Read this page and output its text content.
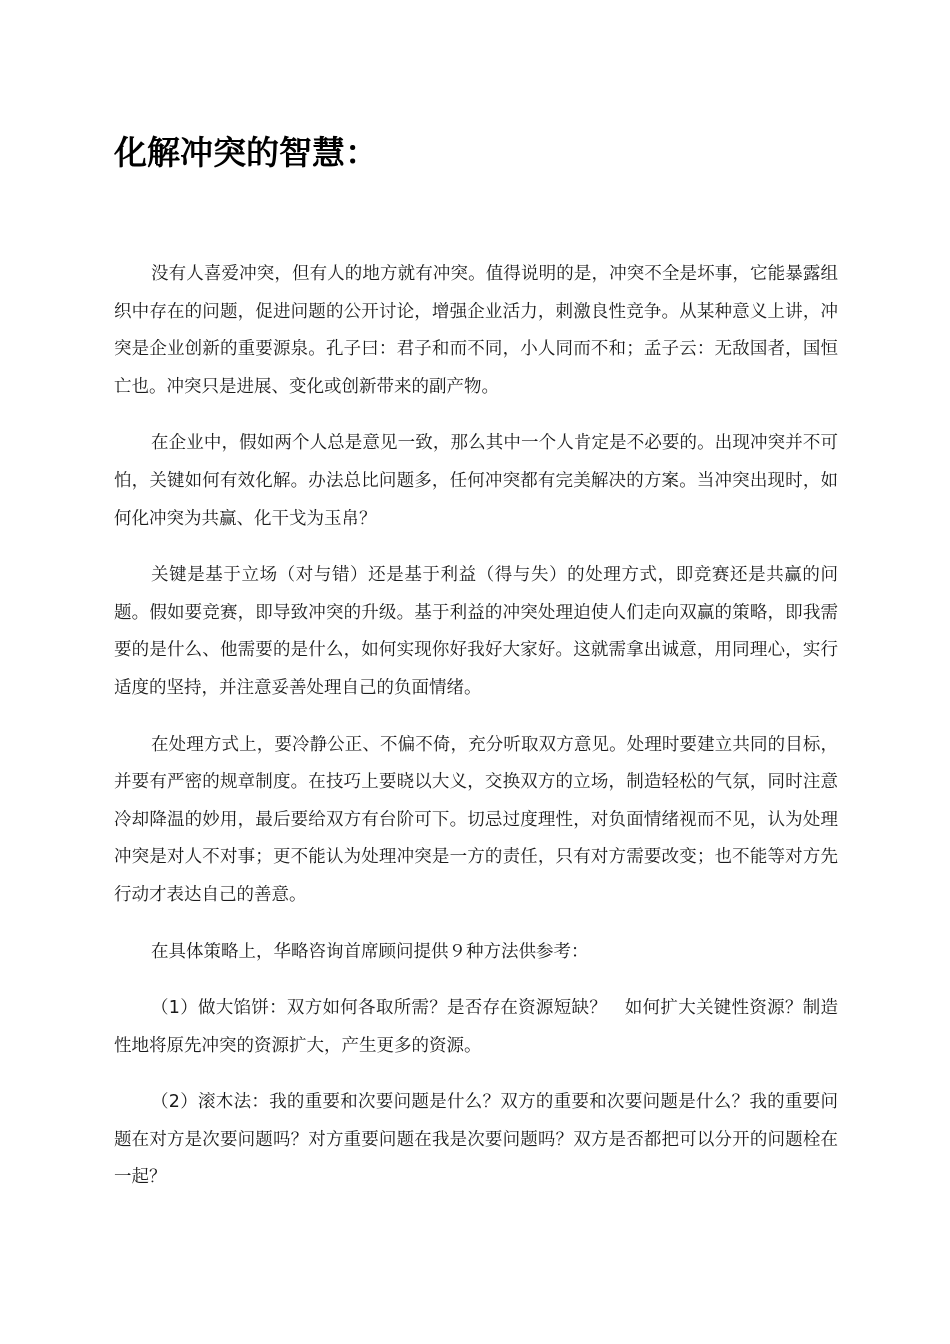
化解冲突的智慧：

没有人喜爱冲突，但有人的地方就有冲突。值得说明的是，冲突不全是坏事，它能暴露组织中存在的问题，促进问题的公开讨论，增强企业活力，刺激良性竞争。从某种意义上讲，冲突是企业创新的重要源泉。孔子曰：君子和而不同，小人同而不和；孟子云：无敌国者，国恒亡也。冲突只是进展、变化或创新带来的副产物。

在企业中，假如两个人总是意见一致，那么其中一个人肯定是不必要的。出现冲突并不可怕，关键如何有效化解。办法总比问题多，任何冲突都有完美解决的方案。当冲突出现时，如何化冲突为共赢、化干戈为玉帛？

关键是基于立场（对与错）还是基于利益（得与失）的处理方式，即竞赛还是共赢的问题。假如要竞赛，即导致冲突的升级。基于利益的冲突处理迫使人们走向双赢的策略，即我需要的是什么、他需要的是什么，如何实现你好我好大家好。这就需拿出诚意，用同理心，实行适度的坚持，并注意妥善处理自己的负面情绪。

在处理方式上，要冷静公正、不偏不倚，充分听取双方意见。处理时要建立共同的目标，并要有严密的规章制度。在技巧上要晓以大义，交换双方的立场，制造轻松的气氛，同时注意冷却降温的妙用，最后要给双方有台阶可下。切忌过度理性，对负面情绪视而不见，认为处理冲突是对人不对事；更不能认为处理冲突是一方的责任，只有对方需要改变；也不能等对方先行动才表达自己的善意。

在具体策略上，华略咨询首席顾问提供９种方法供参考：

（1）做大馅饼：双方如何各取所需？是否存在资源短缺？　如何扩大关键性资源？制造性地将原先冲突的资源扩大，产生更多的资源。

（2）滚木法：我的重要和次要问题是什么？双方的重要和次要问题是什么？我的重要问题在对方是次要问题吗？对方重要问题在我是次要问题吗？双方是否都把可以分开的问题栓在一起？
